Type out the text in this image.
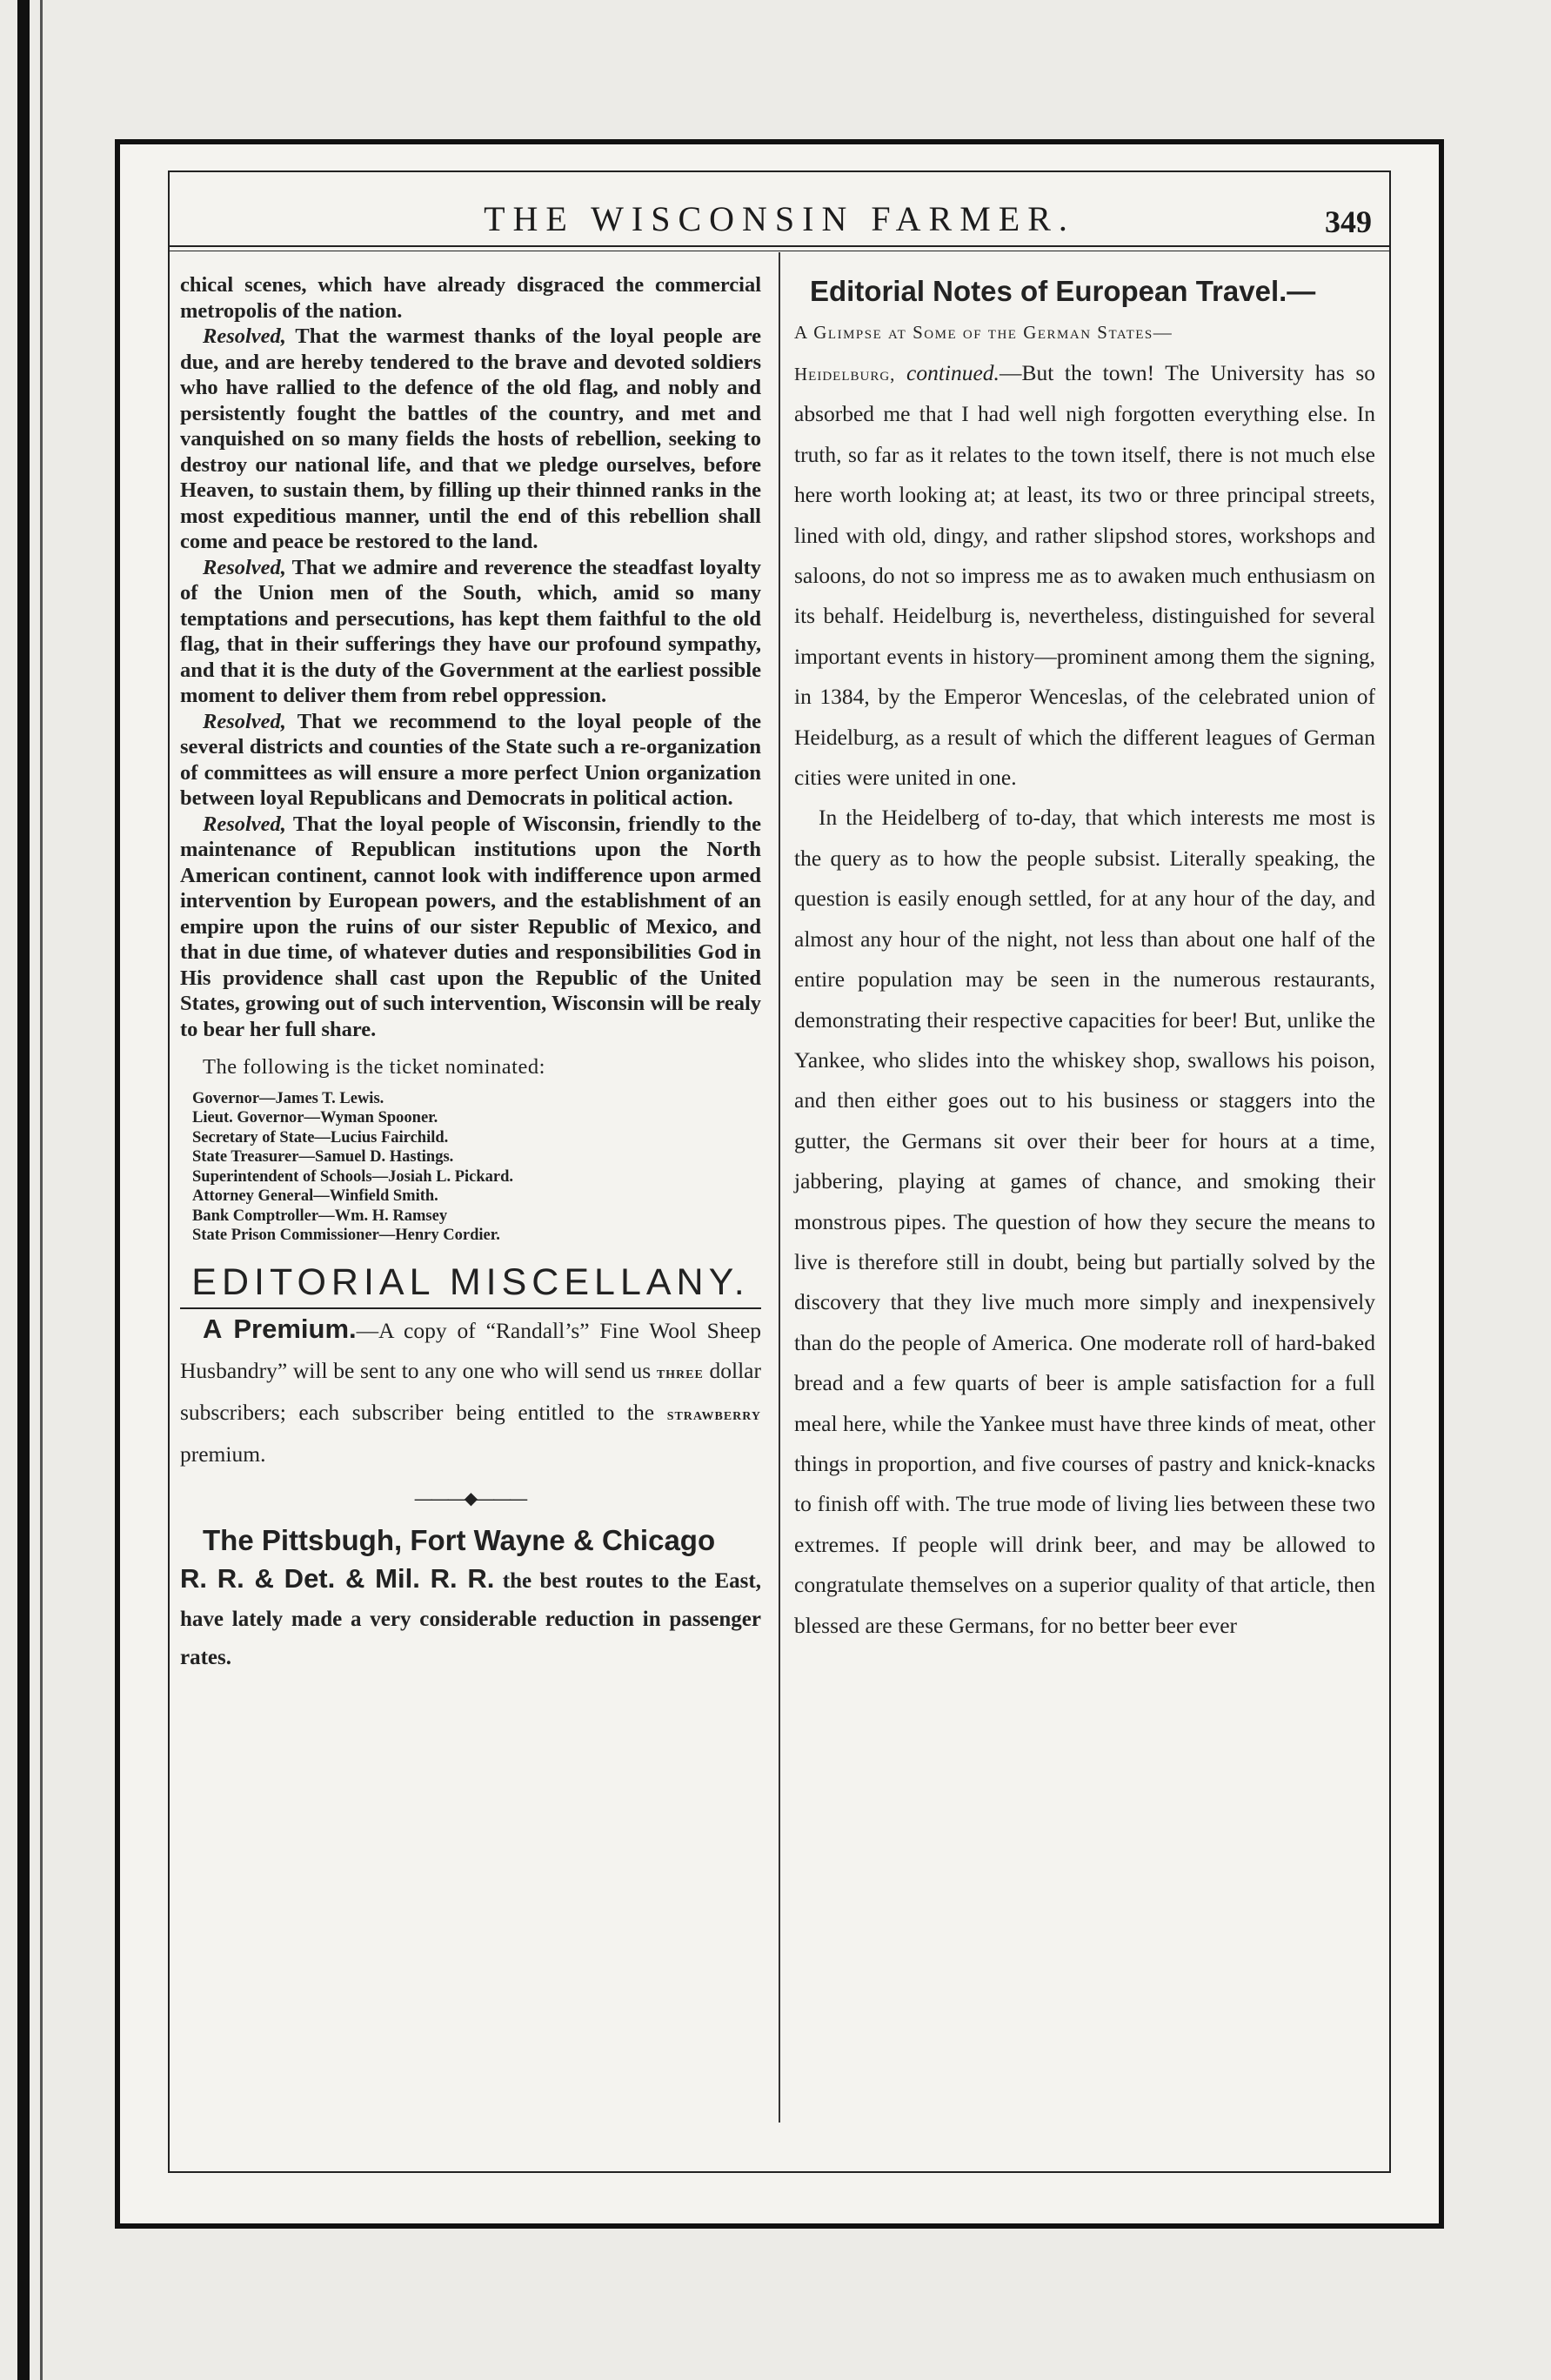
THE WISCONSIN FARMER.	349

chical scenes, which have already disgraced the commercial metropolis of the nation.

Resolved, That the warmest thanks of the loyal people are due, and are hereby tendered to the brave and devoted soldiers who have rallied to the defence of the old flag, and nobly and persistently fought the battles of the country, and met and vanquished on so many fields the hosts of rebellion, seeking to destroy our national life, and that we pledge ourselves, before Heaven, to sustain them, by filling up their thinned ranks in the most expeditious manner, until the end of this rebellion shall come and peace be restored to the land.

Resolved, That we admire and reverence the steadfast loyalty of the Union men of the South, which, amid so many temptations and persecutions, has kept them faithful to the old flag, that in their sufferings they have our profound sympathy, and that it is the duty of the Government at the earliest possible moment to deliver them from rebel oppression.

Resolved, That we recommend to the loyal people of the several districts and counties of the State such a re-organization of committees as will ensure a more perfect Union organization between loyal Republicans and Democrats in political action.

Resolved, That the loyal people of Wisconsin, friendly to the maintenance of Republican institutions upon the North American continent, cannot look with indifference upon armed intervention by European powers, and the establishment of an empire upon the ruins of our sister Republic of Mexico, and that in due time, of whatever duties and responsibilities God in His providence shall cast upon the Republic of the United States, growing out of such intervention, Wisconsin will be realy to bear her full share.

The following is the ticket nominated:

Governor—James T. Lewis.
Lieut. Governor—Wyman Spooner.
Secretary of State—Lucius Fairchild.
State Treasurer—Samuel D. Hastings.
Superintendent of Schools—Josiah L. Pickard.
Attorney General—Winfield Smith.
Bank Comptroller—Wm. H. Ramsey
State Prison Commissioner—Henry Cordier.
EDITORIAL MISCELLANY.

A Premium.—A copy of “Randall’s” Fine Wool Sheep Husbandry” will be sent to any one who will send us three dollar subscribers; each subscriber being entitled to the strawberry premium.

———◆———

The Pittsbugh, Fort Wayne & Chicago

R. R. & Det. & Mil. R. R. the best routes to the East, have lately made a very considerable reduction in passenger rates.

Editorial Notes of European Travel.—

A Glimpse at Some of the German States—

Heidelburg, continued.—But the town! The University has so absorbed me that I had well nigh forgotten everything else. In truth, so far as it relates to the town itself, there is not much else here worth looking at; at least, its two or three principal streets, lined with old, dingy, and rather slipshod stores, workshops and saloons, do not so impress me as to awaken much enthusiasm on its behalf. Heidelburg is, nevertheless, distinguished for several important events in history—prominent among them the signing, in 1384, by the Emperor Wenceslas, of the celebrated union of Heidelburg, as a result of which the different leagues of German cities were united in one.

In the Heidelberg of to-day, that which interests me most is the query as to how the people subsist. Literally speaking, the question is easily enough settled, for at any hour of the day, and almost any hour of the night, not less than about one half of the entire population may be seen in the numerous restaurants, demonstrating their respective capacities for beer! But, unlike the Yankee, who slides into the whiskey shop, swallows his poison, and then either goes out to his business or staggers into the gutter, the Germans sit over their beer for hours at a time, jabbering, playing at games of chance, and smoking their monstrous pipes. The question of how they secure the means to live is therefore still in doubt, being but partially solved by the discovery that they live much more simply and inexpensively than do the people of America. One moderate roll of hard-baked bread and a few quarts of beer is ample satisfaction for a full meal here, while the Yankee must have three kinds of meat, other things in proportion, and five courses of pastry and knick-knacks to finish off with. The true mode of living lies between these two extremes. If people will drink beer, and may be allowed to congratulate themselves on a superior quality of that article, then blessed are these Germans, for no better beer ever
